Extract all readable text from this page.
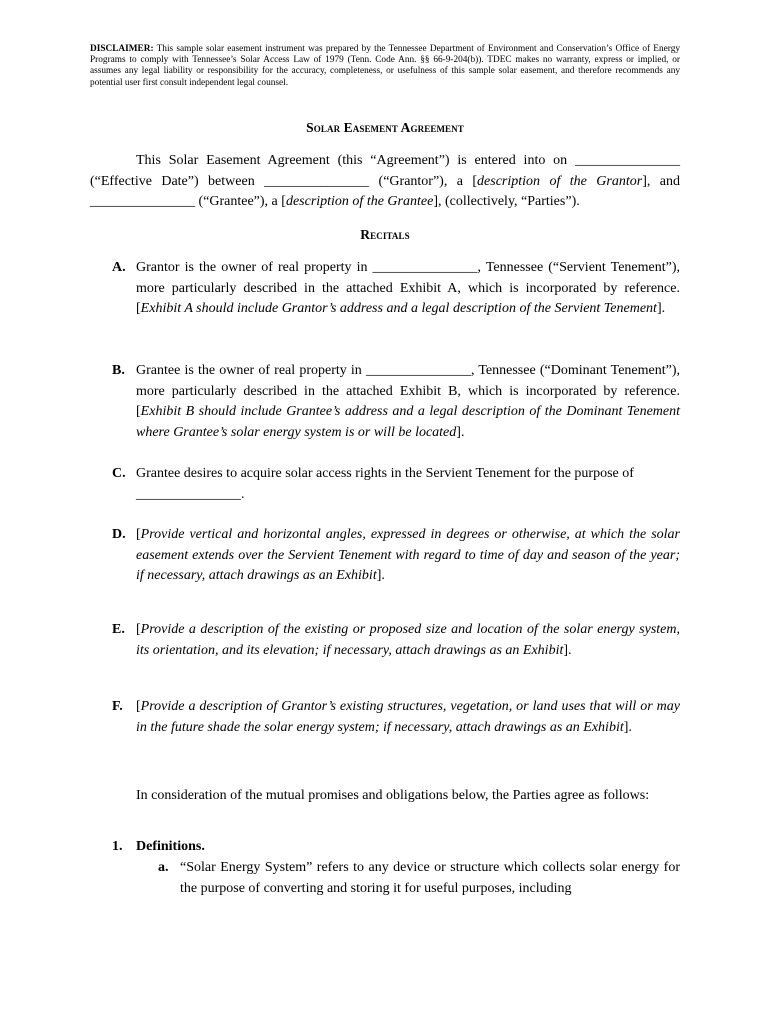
DISCLAIMER: This sample solar easement instrument was prepared by the Tennessee Department of Environment and Conservation’s Office of Energy Programs to comply with Tennessee’s Solar Access Law of 1979 (Tenn. Code Ann. §§ 66-9-204(b)). TDEC makes no warranty, express or implied, or assumes any legal liability or responsibility for the accuracy, completeness, or usefulness of this sample solar easement, and therefore recommends any potential user first consult independent legal counsel.
Solar Easement Agreement
This Solar Easement Agreement (this “Agreement”) is entered into on _______________ (“Effective Date”) between _______________ (“Grantor”), a [description of the Grantor], and _______________ (“Grantee”), a [description of the Grantee], (collectively, “Parties”).
Recitals
A. Grantor is the owner of real property in _______________, Tennessee (“Servient Tenement”), more particularly described in the attached Exhibit A, which is incorporated by reference. [Exhibit A should include Grantor’s address and a legal description of the Servient Tenement].
B. Grantee is the owner of real property in _______________, Tennessee (“Dominant Tenement”), more particularly described in the attached Exhibit B, which is incorporated by reference. [Exhibit B should include Grantee’s address and a legal description of the Dominant Tenement where Grantee’s solar energy system is or will be located].
C. Grantee desires to acquire solar access rights in the Servient Tenement for the purpose of _______________.
D. [Provide vertical and horizontal angles, expressed in degrees or otherwise, at which the solar easement extends over the Servient Tenement with regard to time of day and season of the year; if necessary, attach drawings as an Exhibit].
E. [Provide a description of the existing or proposed size and location of the solar energy system, its orientation, and its elevation; if necessary, attach drawings as an Exhibit].
F. [Provide a description of Grantor’s existing structures, vegetation, or land uses that will or may in the future shade the solar energy system; if necessary, attach drawings as an Exhibit].
In consideration of the mutual promises and obligations below, the Parties agree as follows:
1. Definitions.
a. “Solar Energy System” refers to any device or structure which collects solar energy for the purpose of converting and storing it for useful purposes, including
